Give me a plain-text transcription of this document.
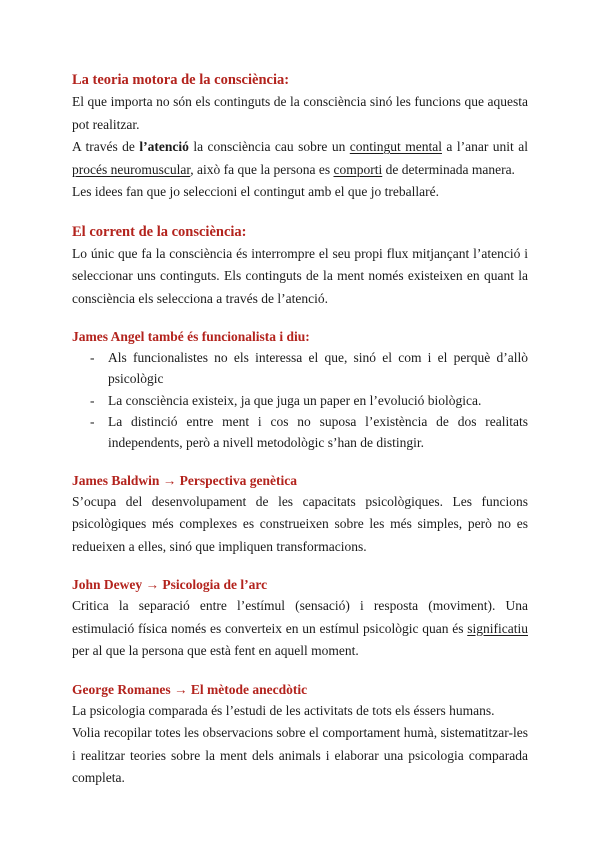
La teoria motora de la consciència:

El que importa no són els continguts de la consciència sinó les funcions que aquesta pot realitzar.

A través de l’atenció la consciència cau sobre un contingut mental a l’anar unit al procés neuromuscular, això fa que la persona es comporti de determinada manera.

Les idees fan que jo seleccioni el contingut amb el que jo treballaré.

El corrent de la consciència:

Lo únic que fa la consciència és interrompre el seu propi flux mitjançant l’atenció i seleccionar uns continguts. Els continguts de la ment només existeixen en quant la consciència els selecciona a través de l’atenció.

James Angel també és funcionalista i diu:
- Als funcionalistes no els interessa el que, sinó el com i el perquè d’allò psicològic
- La consciència existeix, ja que juga un paper en l’evolució biològica.
- La distinció entre ment i cos no suposa l’existència de dos realitats independents, però a nivell metodològic s’han de distingir.
James Baldwin → Perspectiva genètica

S’ocupa del desenvolupament de les capacitats psicològiques. Les funcions psicològiques més complexes es construeixen sobre les més simples, però no es redueixen a elles, sinó que impliquen transformacions.

John Dewey → Psicologia de l’arc

Critica la separació entre l’estímul (sensació) i resposta (moviment). Una estimulació física només es converteix en un estímul psicològic quan és significatiu per al que la persona que està fent en aquell moment.

George Romanes → El mètode anecdòtic

La psicologia comparada és l’estudi de les activitats de tots els éssers humans.

Volia recopilar totes les observacions sobre el comportament humà, sistematitzar-les i realitzar teories sobre la ment dels animals i elaborar una psicologia comparada completa.
